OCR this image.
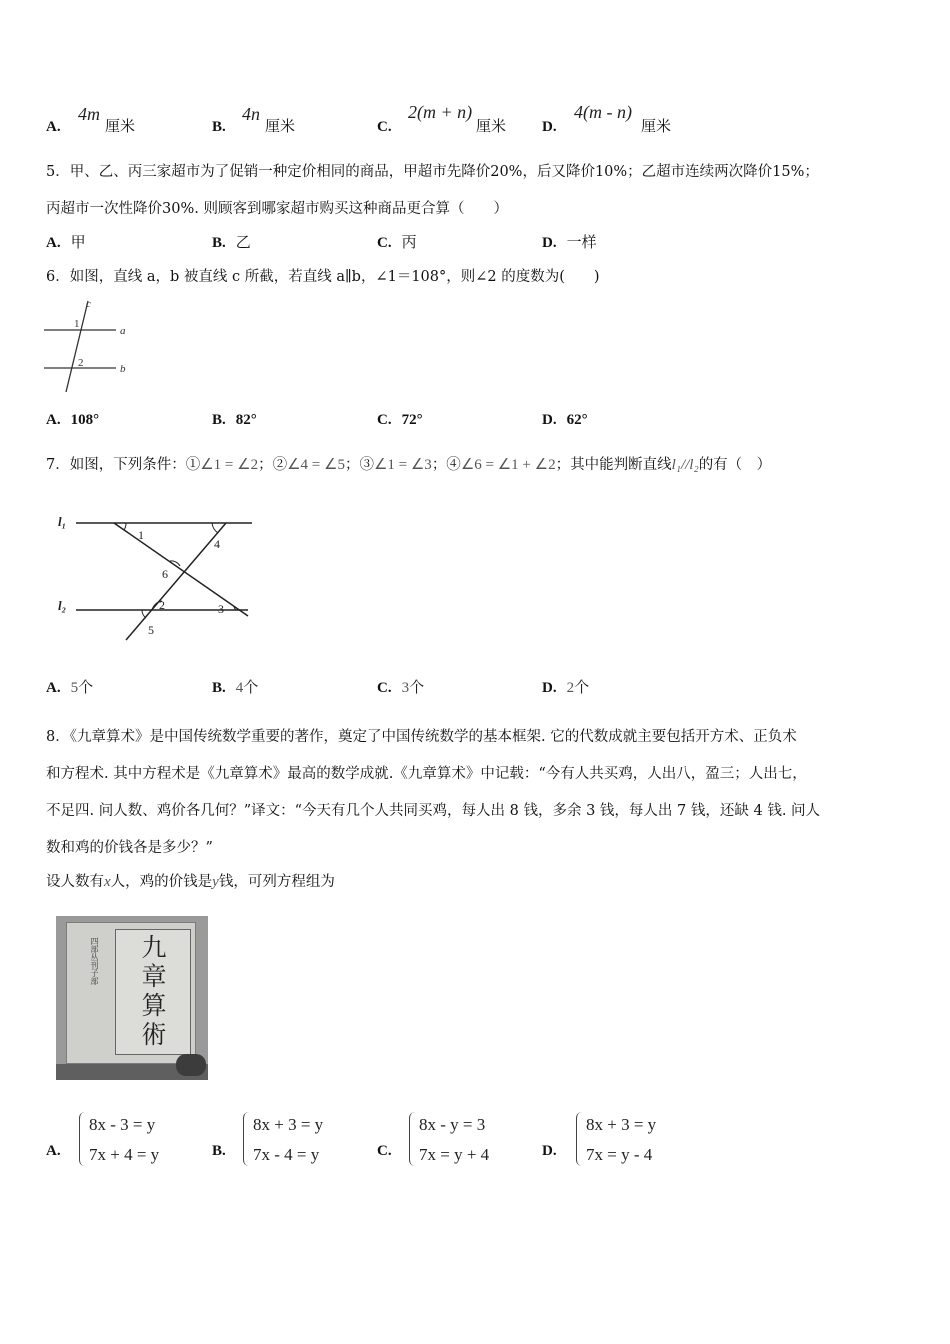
A.
4m
厘米	B.
4n
厘米	C.
2(m + n)
厘米 D.
4(m - n)
厘米
5．甲、乙、丙三家超市为了促销一种定价相同的商品，甲超市先降价20%，后又降价10%；乙超市连续两次降价15%；
丙超市一次性降价30%. 则顾客到哪家超市购买这种商品更合算（　　）
A. 甲	B. 乙	C. 丙	D. 一样
6．如图，直线 a，b 被直线 c 所截，若直线 a∥b，∠1＝108°，则∠2 的度数为(　　)
c
a
b
1
2
A. 108°	B. 82°	C. 72°	D. 62°
7．如图，下列条件：①∠1 = ∠2；②∠4 = ∠5；③∠1 = ∠3；④∠6 = ∠1 + ∠2；其中能判断直线l₁//l₂的有（　）
l₁
l₂
1
4
6
2	3
5
A. 5个	B. 4个	C. 3个	D. 2个
8．《九章算术》是中国传统数学重要的著作，奠定了中国传统数学的基本框架. 它的代数成就主要包括开方术、正负术
和方程术. 其中方程术是《九章算术》最高的数学成就.《九章算术》中记载：“今有人共买鸡，人出八，盈三；人出七，
不足四. 问人数、鸡价各几何？”译文：“今天有几个人共同买鸡，每人出 8 钱，多余 3 钱，每人出 7 钱，还缺 4 钱. 问人
数和鸡的价钱各是多少？”
设人数有x人，鸡的价钱是y钱，可列方程组为
九章算術
四部丛刊子部
A.
8x - 3 = y
7x + 4 = y	B.
8x + 3 = y
7x - 4 = y	C.
8x - y = 3
7x = y + 4	D.
8x + 3 = y
7x = y - 4
